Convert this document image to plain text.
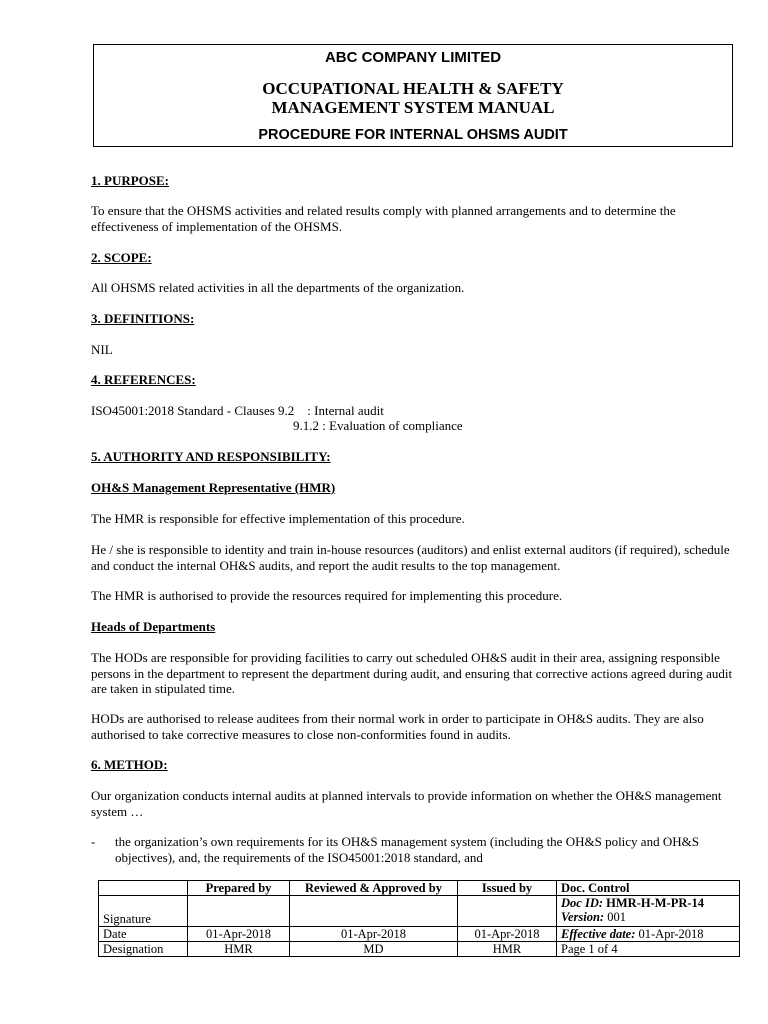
ABC COMPANY LIMITED
OCCUPATIONAL HEALTH & SAFETY
MANAGEMENT SYSTEM MANUAL
PROCEDURE FOR INTERNAL OHSMS AUDIT
1. PURPOSE:
To ensure that the OHSMS activities and related results comply with planned arrangements and to determine the effectiveness of implementation of the OHSMS.
2. SCOPE:
All OHSMS related activities in all the departments of the organization.
3. DEFINITIONS:
NIL
4. REFERENCES:
ISO45001:2018 Standard - Clauses 9.2    : Internal audit
9.1.2 : Evaluation of compliance
5. AUTHORITY AND RESPONSIBILITY:
OH&S Management Representative (HMR)
The HMR is responsible for effective implementation of this procedure.
He / she is responsible to identity and train in-house resources (auditors) and enlist external auditors (if required), schedule and conduct the internal OH&S audits, and report the audit results to the top management.
The HMR is authorised to provide the resources required for implementing this procedure.
Heads of Departments
The HODs are responsible for providing facilities to carry out scheduled OH&S audit in their area, assigning responsible persons in the department to represent the department during audit, and ensuring that corrective actions agreed during audit are taken in stipulated time.
HODs are authorised to release auditees from their normal work in order to participate in OH&S audits. They are also authorised to take corrective measures to close non-conformities found in audits.
6. METHOD:
Our organization conducts internal audits at planned intervals to provide information on whether the OH&S management system …
- the organization’s own requirements for its OH&S management system (including the OH&S policy and OH&S objectives), and, the requirements of the ISO45001:2018 standard, and
	Prepared by	Reviewed & Approved by	Issued by	Doc. Control
Signature				Doc ID: HMR-H-M-PR-14
Version: 001

Date	01-Apr-2018	01-Apr-2018	01-Apr-2018	Effective date: 01-Apr-2018
Designation	HMR	MD	HMR	Page 1 of 4
